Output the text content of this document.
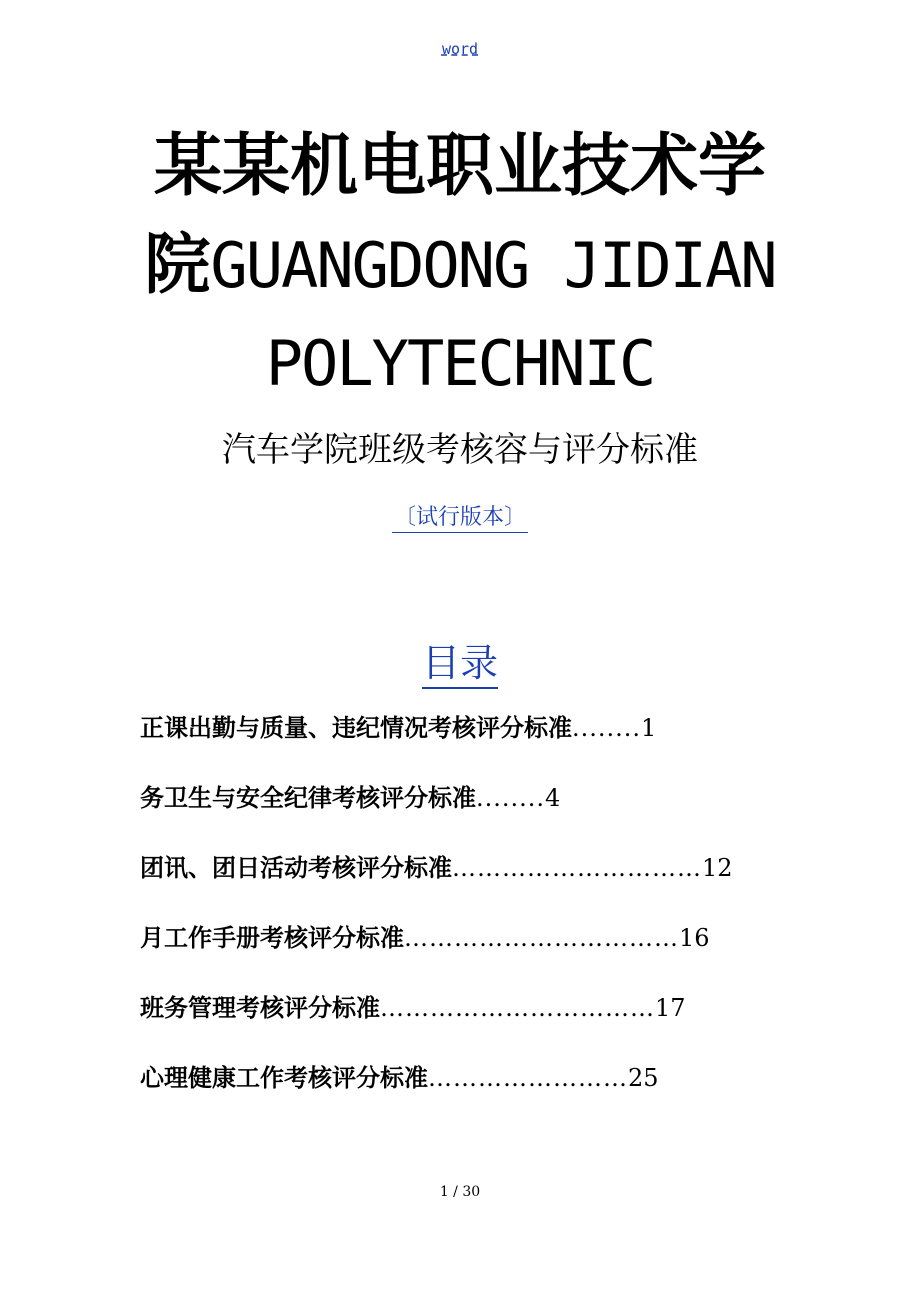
word
某某机电职业技术学
院GUANGDONG JIDIAN
POLYTECHNIC
汽车学院班级考核容与评分标准
〔试行版本〕
目录
正课出勤与质量、违纪情况考核评分标准........1
务卫生与安全纪律考核评分标准........4
团讯、团日活动考核评分标准…………………………12
月工作手册考核评分标准……………………………16
班务管理考核评分标准……………………………17
心理健康工作考核评分标准……………………25
1 / 30
